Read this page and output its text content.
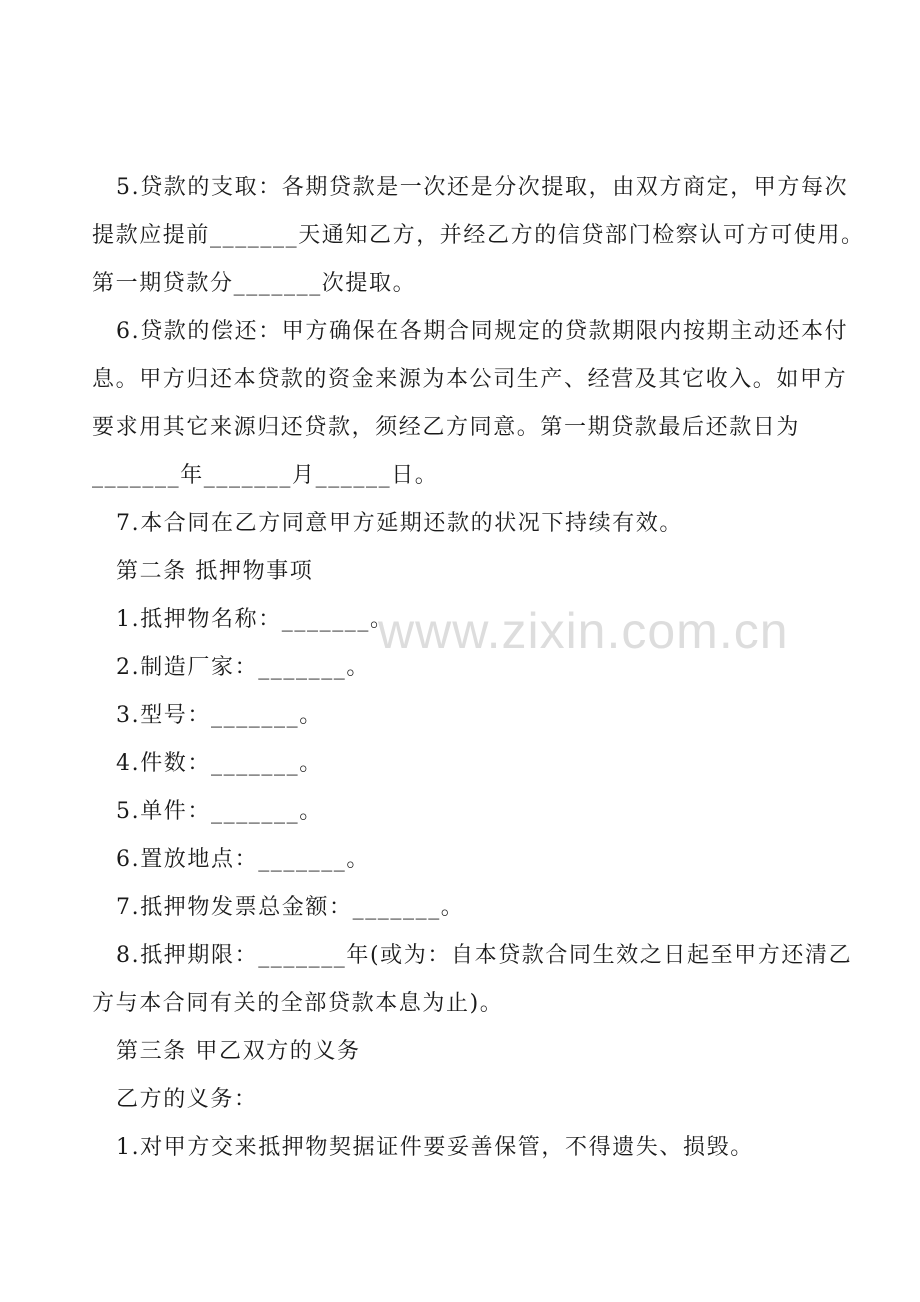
5.贷款的支取：各期贷款是一次还是分次提取，由双方商定，甲方每次

提款应提前_______天通知乙方，并经乙方的信贷部门检察认可方可使用。

第一期贷款分_______次提取。

6.贷款的偿还：甲方确保在各期合同规定的贷款期限内按期主动还本付

息。甲方归还本贷款的资金来源为本公司生产、经营及其它收入。如甲方

要求用其它来源归还贷款，须经乙方同意。第一期贷款最后还款日为

_______年_______月______日。

7.本合同在乙方同意甲方延期还款的状况下持续有效。

第二条 抵押物事项

1.抵押物名称：_______。

2.制造厂家：_______。

3.型号：_______。

4.件数：_______。

5.单件：_______。

6.置放地点：_______。

7.抵押物发票总金额：_______。

8.抵押期限：_______年(或为：自本贷款合同生效之日起至甲方还清乙

方与本合同有关的全部贷款本息为止)。

第三条 甲乙双方的义务

乙方的义务：

1.对甲方交来抵押物契据证件要妥善保管，不得遗失、损毁。

www.zixin.com.cn
